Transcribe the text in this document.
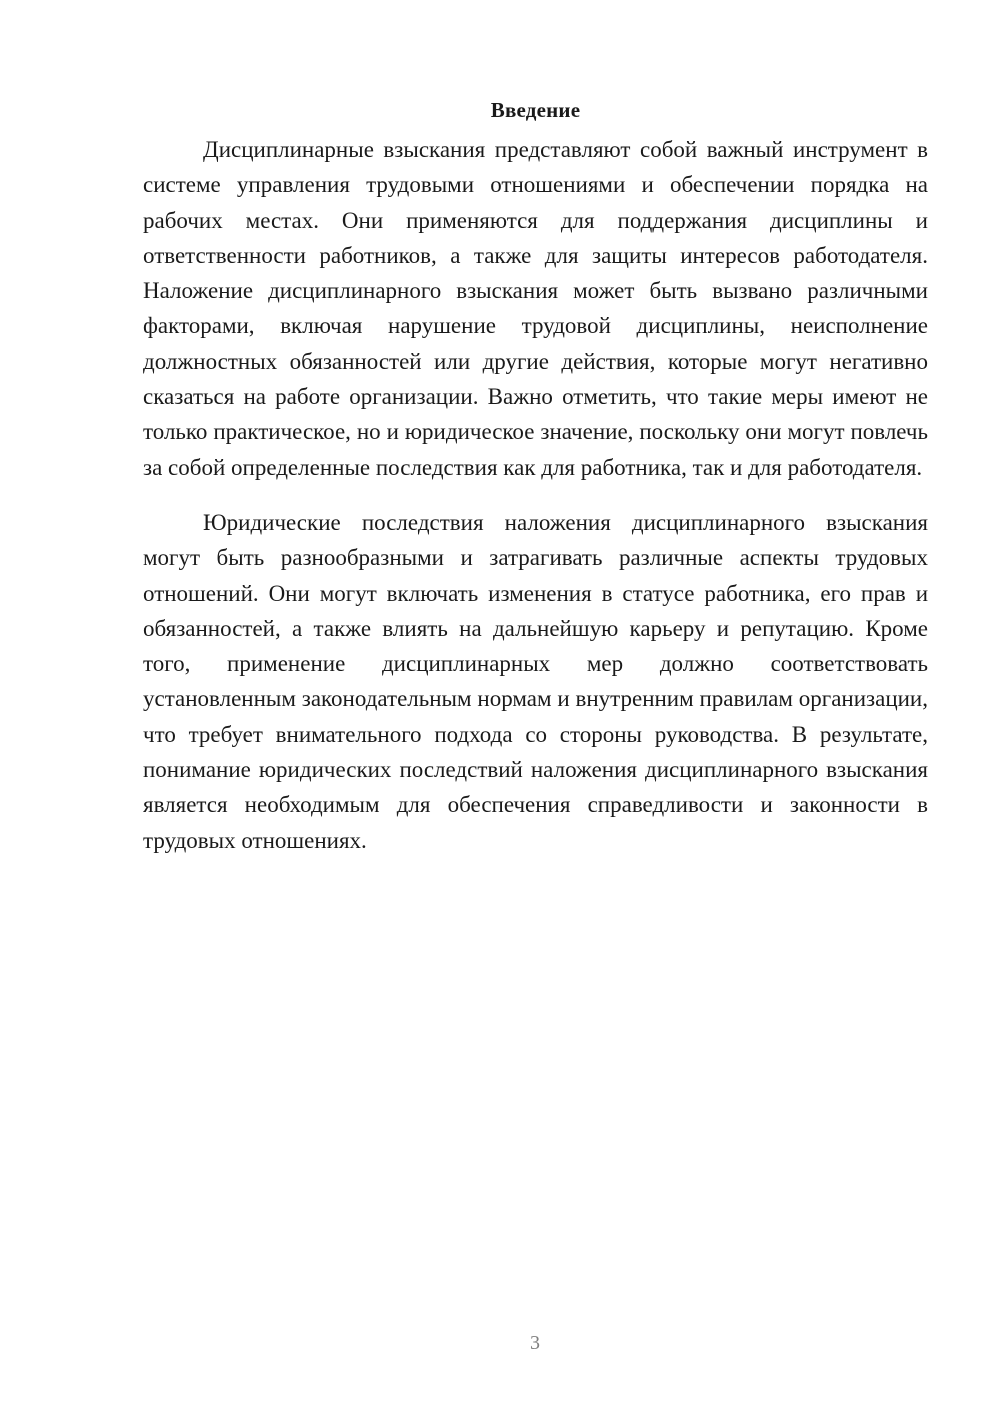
Введение

Дисциплинарные взыскания представляют собой важный инструмент в системе управления трудовыми отношениями и обеспечении порядка на рабочих местах. Они применяются для поддержания дисциплины и ответственности работников, а также для защиты интересов работодателя. Наложение дисциплинарного взыскания может быть вызвано различными факторами, включая нарушение трудовой дисциплины, неисполнение должностных обязанностей или другие действия, которые могут негативно сказаться на работе организации. Важно отметить, что такие меры имеют не только практическое, но и юридическое значение, поскольку они могут повлечь за собой определенные последствия как для работника, так и для работодателя.

Юридические последствия наложения дисциплинарного взыскания могут быть разнообразными и затрагивать различные аспекты трудовых отношений. Они могут включать изменения в статусе работника, его прав и обязанностей, а также влиять на дальнейшую карьеру и репутацию. Кроме того, применение дисциплинарных мер должно соответствовать установленным законодательным нормам и внутренним правилам организации, что требует внимательного подхода со стороны руководства. В результате, понимание юридических последствий наложения дисциплинарного взыскания является необходимым для обеспечения справедливости и законности в трудовых отношениях.

3
